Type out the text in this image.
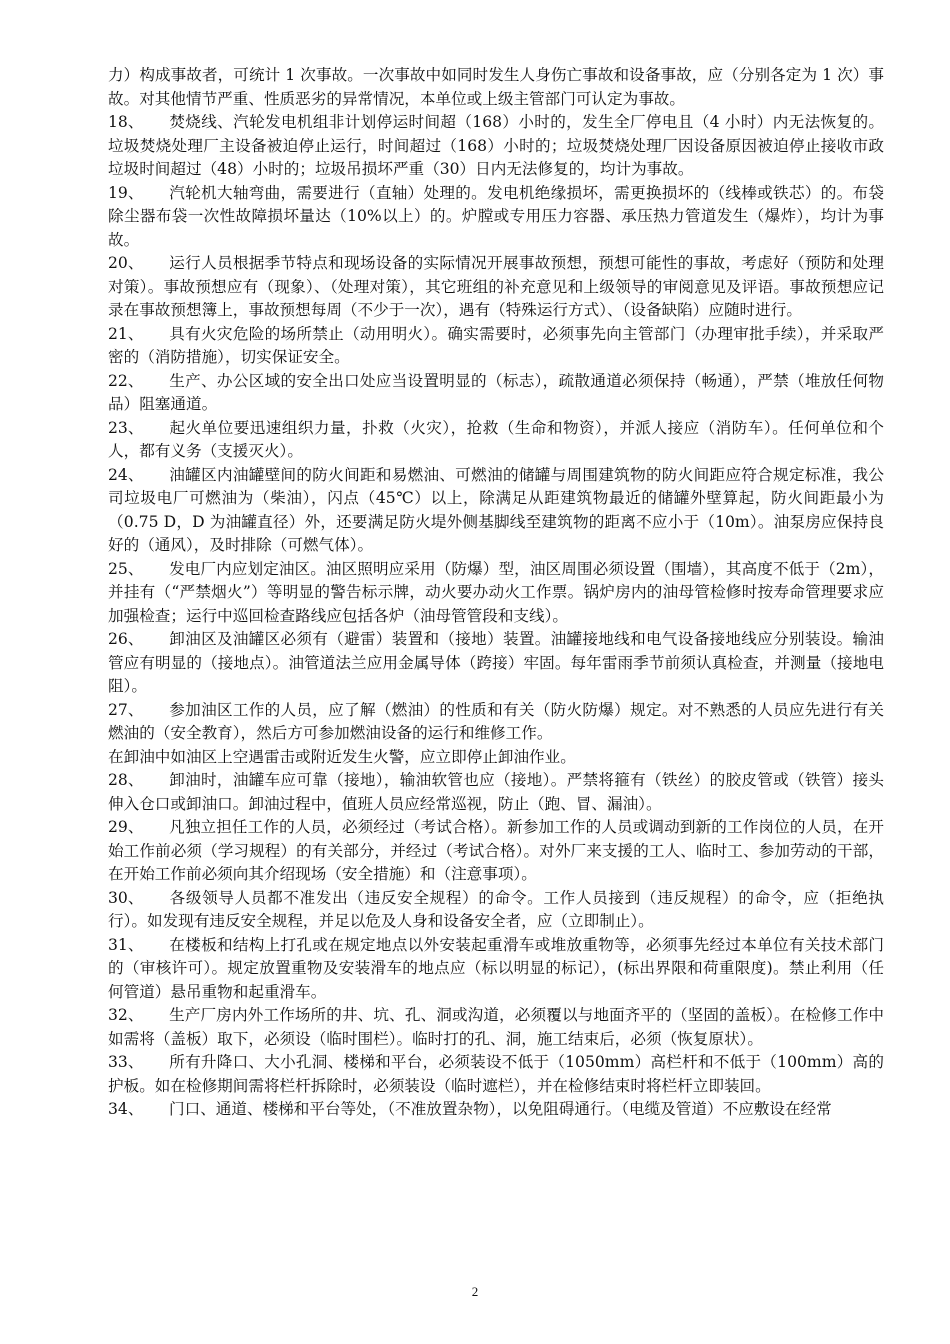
力）构成事故者，可统计 1 次事故。一次事故中如同时发生人身伤亡事故和设备事故，应（分别各定为 1 次）事故。对其他情节严重、性质恶劣的异常情况，本单位或上级主管部门可认定为事故。

18、 焚烧线、汽轮发电机组非计划停运时间超（168）小时的，发生全厂停电且（4 小时）内无法恢复的。垃圾焚烧处理厂主设备被迫停止运行，时间超过（168）小时的；垃圾焚烧处理厂因设备原因被迫停止接收市政垃圾时间超过（48）小时的；垃圾吊损坏严重（30）日内无法修复的，均计为事故。

19、 汽轮机大轴弯曲，需要进行（直轴）处理的。发电机绝缘损坏，需更换损坏的（线棒或铁芯）的。布袋除尘器布袋一次性故障损坏量达（10%以上）的。炉膛或专用压力容器、承压热力管道发生（爆炸），均计为事故。

20、 运行人员根据季节特点和现场设备的实际情况开展事故预想，预想可能性的事故，考虑好（预防和处理对策）。事故预想应有（现象）、（处理对策），其它班组的补充意见和上级领导的审阅意见及评语。事故预想应记录在事故预想簿上，事故预想每周（不少于一次），遇有（特殊运行方式）、（设备缺陷）应随时进行。

21、 具有火灾危险的场所禁止（动用明火）。确实需要时，必须事先向主管部门（办理审批手续），并采取严密的（消防措施），切实保证安全。

22、 生产、办公区域的安全出口处应当设置明显的（标志），疏散通道必须保持（畅通），严禁（堆放任何物品）阻塞通道。

23、 起火单位要迅速组织力量，扑救（火灾），抢救（生命和物资），并派人接应（消防车）。任何单位和个人，都有义务（支援灭火）。

24、 油罐区内油罐壁间的防火间距和易燃油、可燃油的储罐与周围建筑物的防火间距应符合规定标准，我公司垃圾电厂可燃油为（柴油），闪点（45℃）以上，除满足从距建筑物最近的储罐外壁算起，防火间距最小为（0.75 D，D 为油罐直径）外，还要满足防火堤外侧基脚线至建筑物的距离不应小于（10m）。油泵房应保持良好的（通风），及时排除（可燃气体）。

25、 发电厂内应划定油区。油区照明应采用（防爆）型，油区周围必须设置（围墙），其高度不低于（2m），并挂有（“严禁烟火”）等明显的警告标示牌，动火要办动火工作票。锅炉房内的油母管检修时按寿命管理要求应加强检查；运行中巡回检查路线应包括各炉（油母管管段和支线）。

26、 卸油区及油罐区必须有（避雷）装置和（接地）装置。油罐接地线和电气设备接地线应分别装设。输油管应有明显的（接地点）。油管道法兰应用金属导体（跨接）牢固。每年雷雨季节前须认真检查，并测量（接地电阻）。

27、 参加油区工作的人员，应了解（燃油）的性质和有关（防火防爆）规定。对不熟悉的人员应先进行有关燃油的（安全教育），然后方可参加燃油设备的运行和维修工作。

在卸油中如油区上空遇雷击或附近发生火警，应立即停止卸油作业。

28、 卸油时，油罐车应可靠（接地），输油软管也应（接地）。严禁将箍有（铁丝）的胶皮管或（铁管）接头伸入仓口或卸油口。卸油过程中，值班人员应经常巡视，防止（跑、冒、漏油）。

29、 凡独立担任工作的人员，必须经过（考试合格）。新参加工作的人员或调动到新的工作岗位的人员，在开始工作前必须（学习规程）的有关部分，并经过（考试合格）。对外厂来支援的工人、临时工、参加劳动的干部，在开始工作前必须向其介绍现场（安全措施）和（注意事项）。

30、 各级领导人员都不准发出（违反安全规程）的命令。工作人员接到（违反规程）的命令，应（拒绝执行）。如发现有违反安全规程，并足以危及人身和设备安全者，应（立即制止）。

31、 在楼板和结构上打孔或在规定地点以外安装起重滑车或堆放重物等，必须事先经过本单位有关技术部门的（审核许可）。规定放置重物及安装滑车的地点应（标以明显的标记），(标出界限和荷重限度)。禁止利用（任何管道）悬吊重物和起重滑车。

32、 生产厂房内外工作场所的井、坑、孔、洞或沟道，必须覆以与地面齐平的（坚固的盖板）。在检修工作中如需将（盖板）取下，必须设（临时围栏）。临时打的孔、洞，施工结束后，必须（恢复原状）。

33、 所有升降口、大小孔洞、楼梯和平台，必须装设不低于（1050mm）高栏杆和不低于（100mm）高的护板。如在检修期间需将栏杆拆除时，必须装设（临时遮栏），并在检修结束时将栏杆立即装回。

34、 门口、通道、楼梯和平台等处，（不准放置杂物），以免阻碍通行。（电缆及管道）不应敷设在经常

2
